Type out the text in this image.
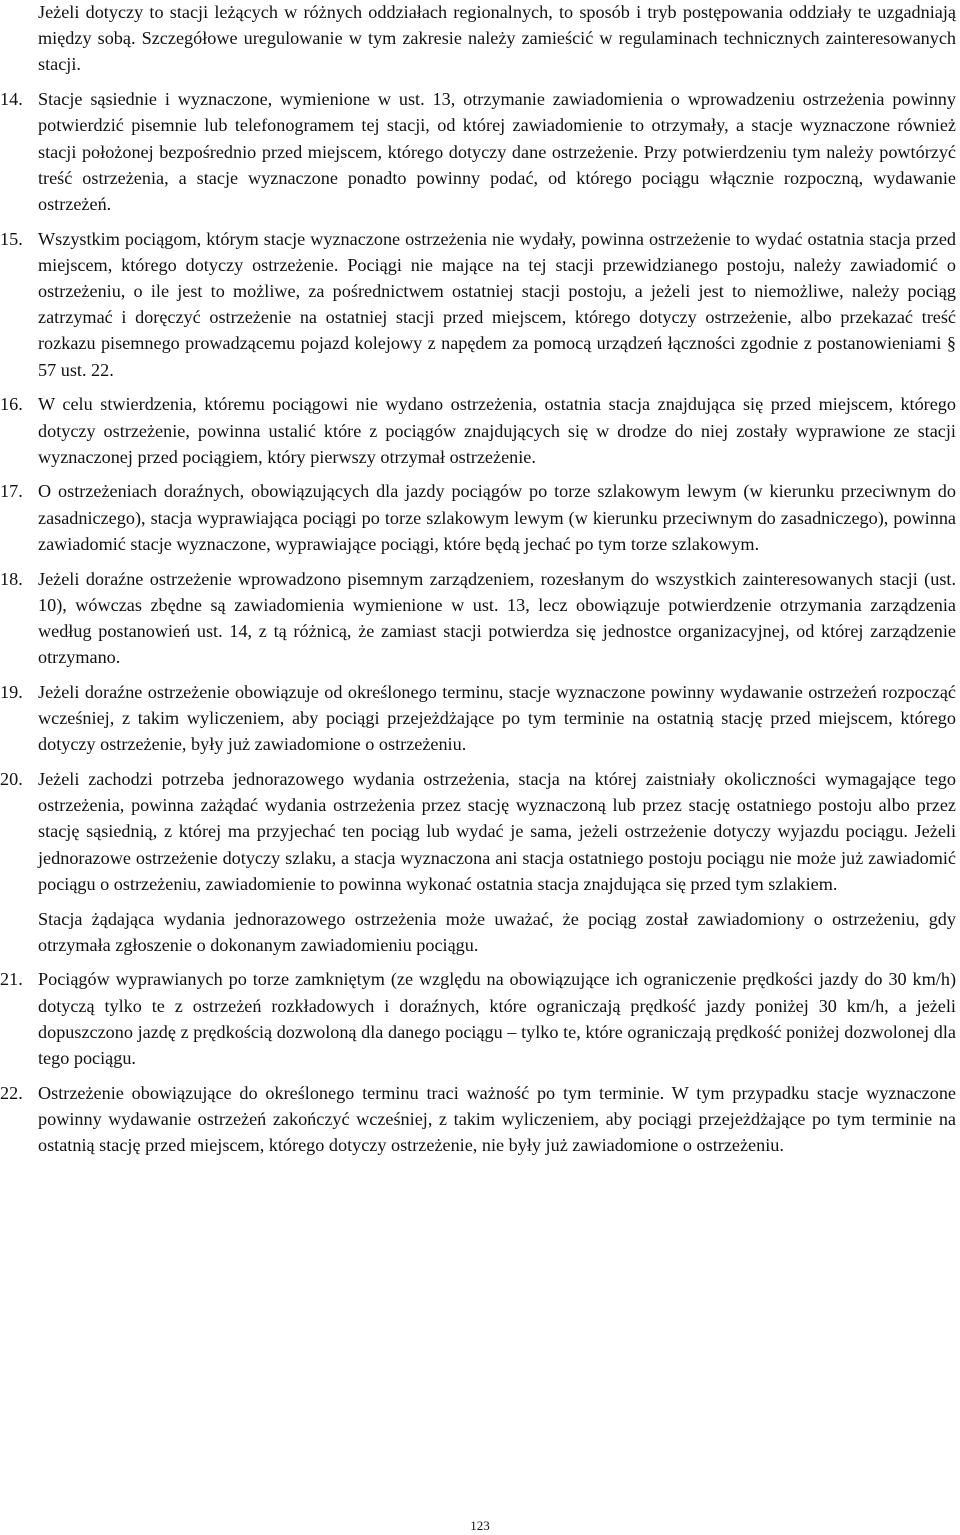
Jeżeli dotyczy to stacji leżących w różnych oddziałach regionalnych, to sposób i tryb postępowania oddziały te uzgadniają między sobą. Szczegółowe uregulowanie w tym zakresie należy zamieścić w regulaminach technicznych zainteresowanych stacji.

14. Stacje sąsiednie i wyznaczone, wymienione w ust. 13, otrzymanie zawiadomienia o wprowadzeniu ostrzeżenia powinny potwierdzić pisemnie lub telefonogramem tej stacji, od której zawiadomienie to otrzymały, a stacje wyznaczone również stacji położonej bezpośrednio przed miejscem, którego dotyczy dane ostrzeżenie. Przy potwierdzeniu tym należy powtórzyć treść ostrzeżenia, a stacje wyznaczone ponadto powinny podać, od którego pociągu włącznie rozpoczną, wydawanie ostrzeżeń.

15. Wszystkim pociągom, którym stacje wyznaczone ostrzeżenia nie wydały, powinna ostrzeżenie to wydać ostatnia stacja przed miejscem, którego dotyczy ostrzeżenie. Pociągi nie mające na tej stacji przewidzianego postoju, należy zawiadomić o ostrzeżeniu, o ile jest to możliwe, za pośrednictwem ostatniej stacji postoju, a jeżeli jest to niemożliwe, należy pociąg zatrzymać i doręczyć ostrzeżenie na ostatniej stacji przed miejscem, którego dotyczy ostrzeżenie, albo przekazać treść rozkazu pisemnego prowadzącemu pojazd kolejowy z napędem za pomocą urządzeń łączności zgodnie z postanowieniami § 57 ust. 22.

16. W celu stwierdzenia, któremu pociągowi nie wydano ostrzeżenia, ostatnia stacja znajdująca się przed miejscem, którego dotyczy ostrzeżenie, powinna ustalić które z pociągów znajdujących się w drodze do niej zostały wyprawione ze stacji wyznaczonej przed pociągiem, który pierwszy otrzymał ostrzeżenie.

17. O ostrzeżeniach doraźnych, obowiązujących dla jazdy pociągów po torze szlakowym lewym (w kierunku przeciwnym do zasadniczego), stacja wyprawiająca pociągi po torze szlakowym lewym (w kierunku przeciwnym do zasadniczego), powinna zawiadomić stacje wyznaczone, wyprawiające pociągi, które będą jechać po tym torze szlakowym.

18. Jeżeli doraźne ostrzeżenie wprowadzono pisemnym zarządzeniem, rozesłanym do wszystkich zainteresowanych stacji (ust. 10), wówczas zbędne są zawiadomienia wymienione w ust. 13, lecz obowiązuje potwierdzenie otrzymania zarządzenia według postanowień ust. 14, z tą różnicą, że zamiast stacji potwierdza się jednostce organizacyjnej, od której zarządzenie otrzymano.

19. Jeżeli doraźne ostrzeżenie obowiązuje od określonego terminu, stacje wyznaczone powinny wydawanie ostrzeżeń rozpocząć wcześniej, z takim wyliczeniem, aby pociągi przejeżdżające po tym terminie na ostatnią stację przed miejscem, którego dotyczy ostrzeżenie, były już zawiadomione o ostrzeżeniu.

20. Jeżeli zachodzi potrzeba jednorazowego wydania ostrzeżenia, stacja na której zaistniały okoliczności wymagające tego ostrzeżenia, powinna zażądać wydania ostrzeżenia przez stację wyznaczoną lub przez stację ostatniego postoju albo przez stację sąsiednią, z której ma przyjechać ten pociąg lub wydać je sama, jeżeli ostrzeżenie dotyczy wyjazdu pociągu. Jeżeli jednorazowe ostrzeżenie dotyczy szlaku, a stacja wyznaczona ani stacja ostatniego postoju pociągu nie może już zawiadomić pociągu o ostrzeżeniu, zawiadomienie to powinna wykonać ostatnia stacja znajdująca się przed tym szlakiem.

Stacja żądająca wydania jednorazowego ostrzeżenia może uważać, że pociąg został zawiadomiony o ostrzeżeniu, gdy otrzymała zgłoszenie o dokonanym zawiadomieniu pociągu.

21. Pociągów wyprawianych po torze zamkniętym (ze względu na obowiązujące ich ograniczenie prędkości jazdy do 30 km/h) dotyczą tylko te z ostrzeżeń rozkładowych i doraźnych, które ograniczają prędkość jazdy poniżej 30 km/h, a jeżeli dopuszczono jazdę z prędkością dozwoloną dla danego pociągu – tylko te, które ograniczają prędkość poniżej dozwolonej dla tego pociągu.

22. Ostrzeżenie obowiązujące do określonego terminu traci ważność po tym terminie. W tym przypadku stacje wyznaczone powinny wydawanie ostrzeżeń zakończyć wcześniej, z takim wyliczeniem, aby pociągi przejeżdżające po tym terminie na ostatnią stację przed miejscem, którego dotyczy ostrzeżenie, nie były już zawiadomione o ostrzeżeniu.

123
